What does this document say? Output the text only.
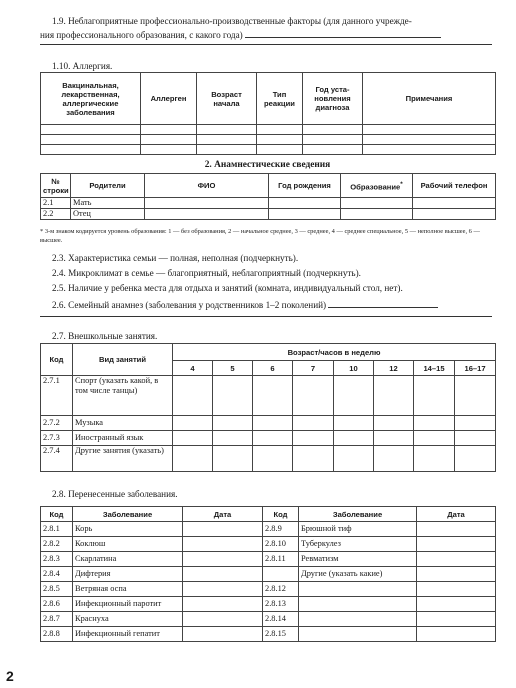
1.9. Неблагоприятные профессионально-производственные факторы (для данного учрежде-
ния профессионального образования, с какого года)
1.10. Аллергия.
Вакцинальная, лекарственная, аллергические заболевания	Аллерген	Возраст начала	Тип реакции	Год уста- новления диагноза	Примечания

2. Анамнестические сведения
№ строки	Родители	ФИО	Год рождения	Образование*	Рабочий телефон
2.1	Мать				
2.2	Отец				
* 3-м знаком кодируется уровень образования: 1 — без образования, 2 — начальное среднее, 3 — среднее, 4 — среднее специальное, 5 — неполное высшее, 6 — высшее.
2.3. Характеристика семьи — полная, неполная (подчеркнуть).
2.4. Микроклимат в семье — благоприятный, неблагоприятный (подчеркнуть).
2.5. Наличие у ребенка места для отдыха и занятий (комната, индивидуальный стол, нет).
2.6. Семейный анамнез (заболевания у родственников 1–2 поколений)
2.7. Внешкольные занятия.
Код	Вид занятий	Возраст/часов в неделю							
		4	5	6	7	10	12	14–15	16–17
2.7.1	Спорт (указать какой, в том числе танцы)								
2.7.2	Музыка								
2.7.3	Иностранный язык								
2.7.4	Другие занятия (указать)								
2.8. Перенесенные заболевания.
Код	Заболевание	Дата	Код	Заболевание	Дата
2.8.1	Корь		2.8.9	Брюшной тиф	
2.8.2	Коклюш		2.8.10	Туберкулез	
2.8.3	Скарлатина		2.8.11	Ревматизм	
2.8.4	Дифтерия			Другие (указать какие)	
2.8.5	Ветряная оспа		2.8.12		
2.8.6	Инфекционный паротит		2.8.13		
2.8.7	Краснуха		2.8.14		
2.8.8	Инфекционный гепатит		2.8.15		
2
